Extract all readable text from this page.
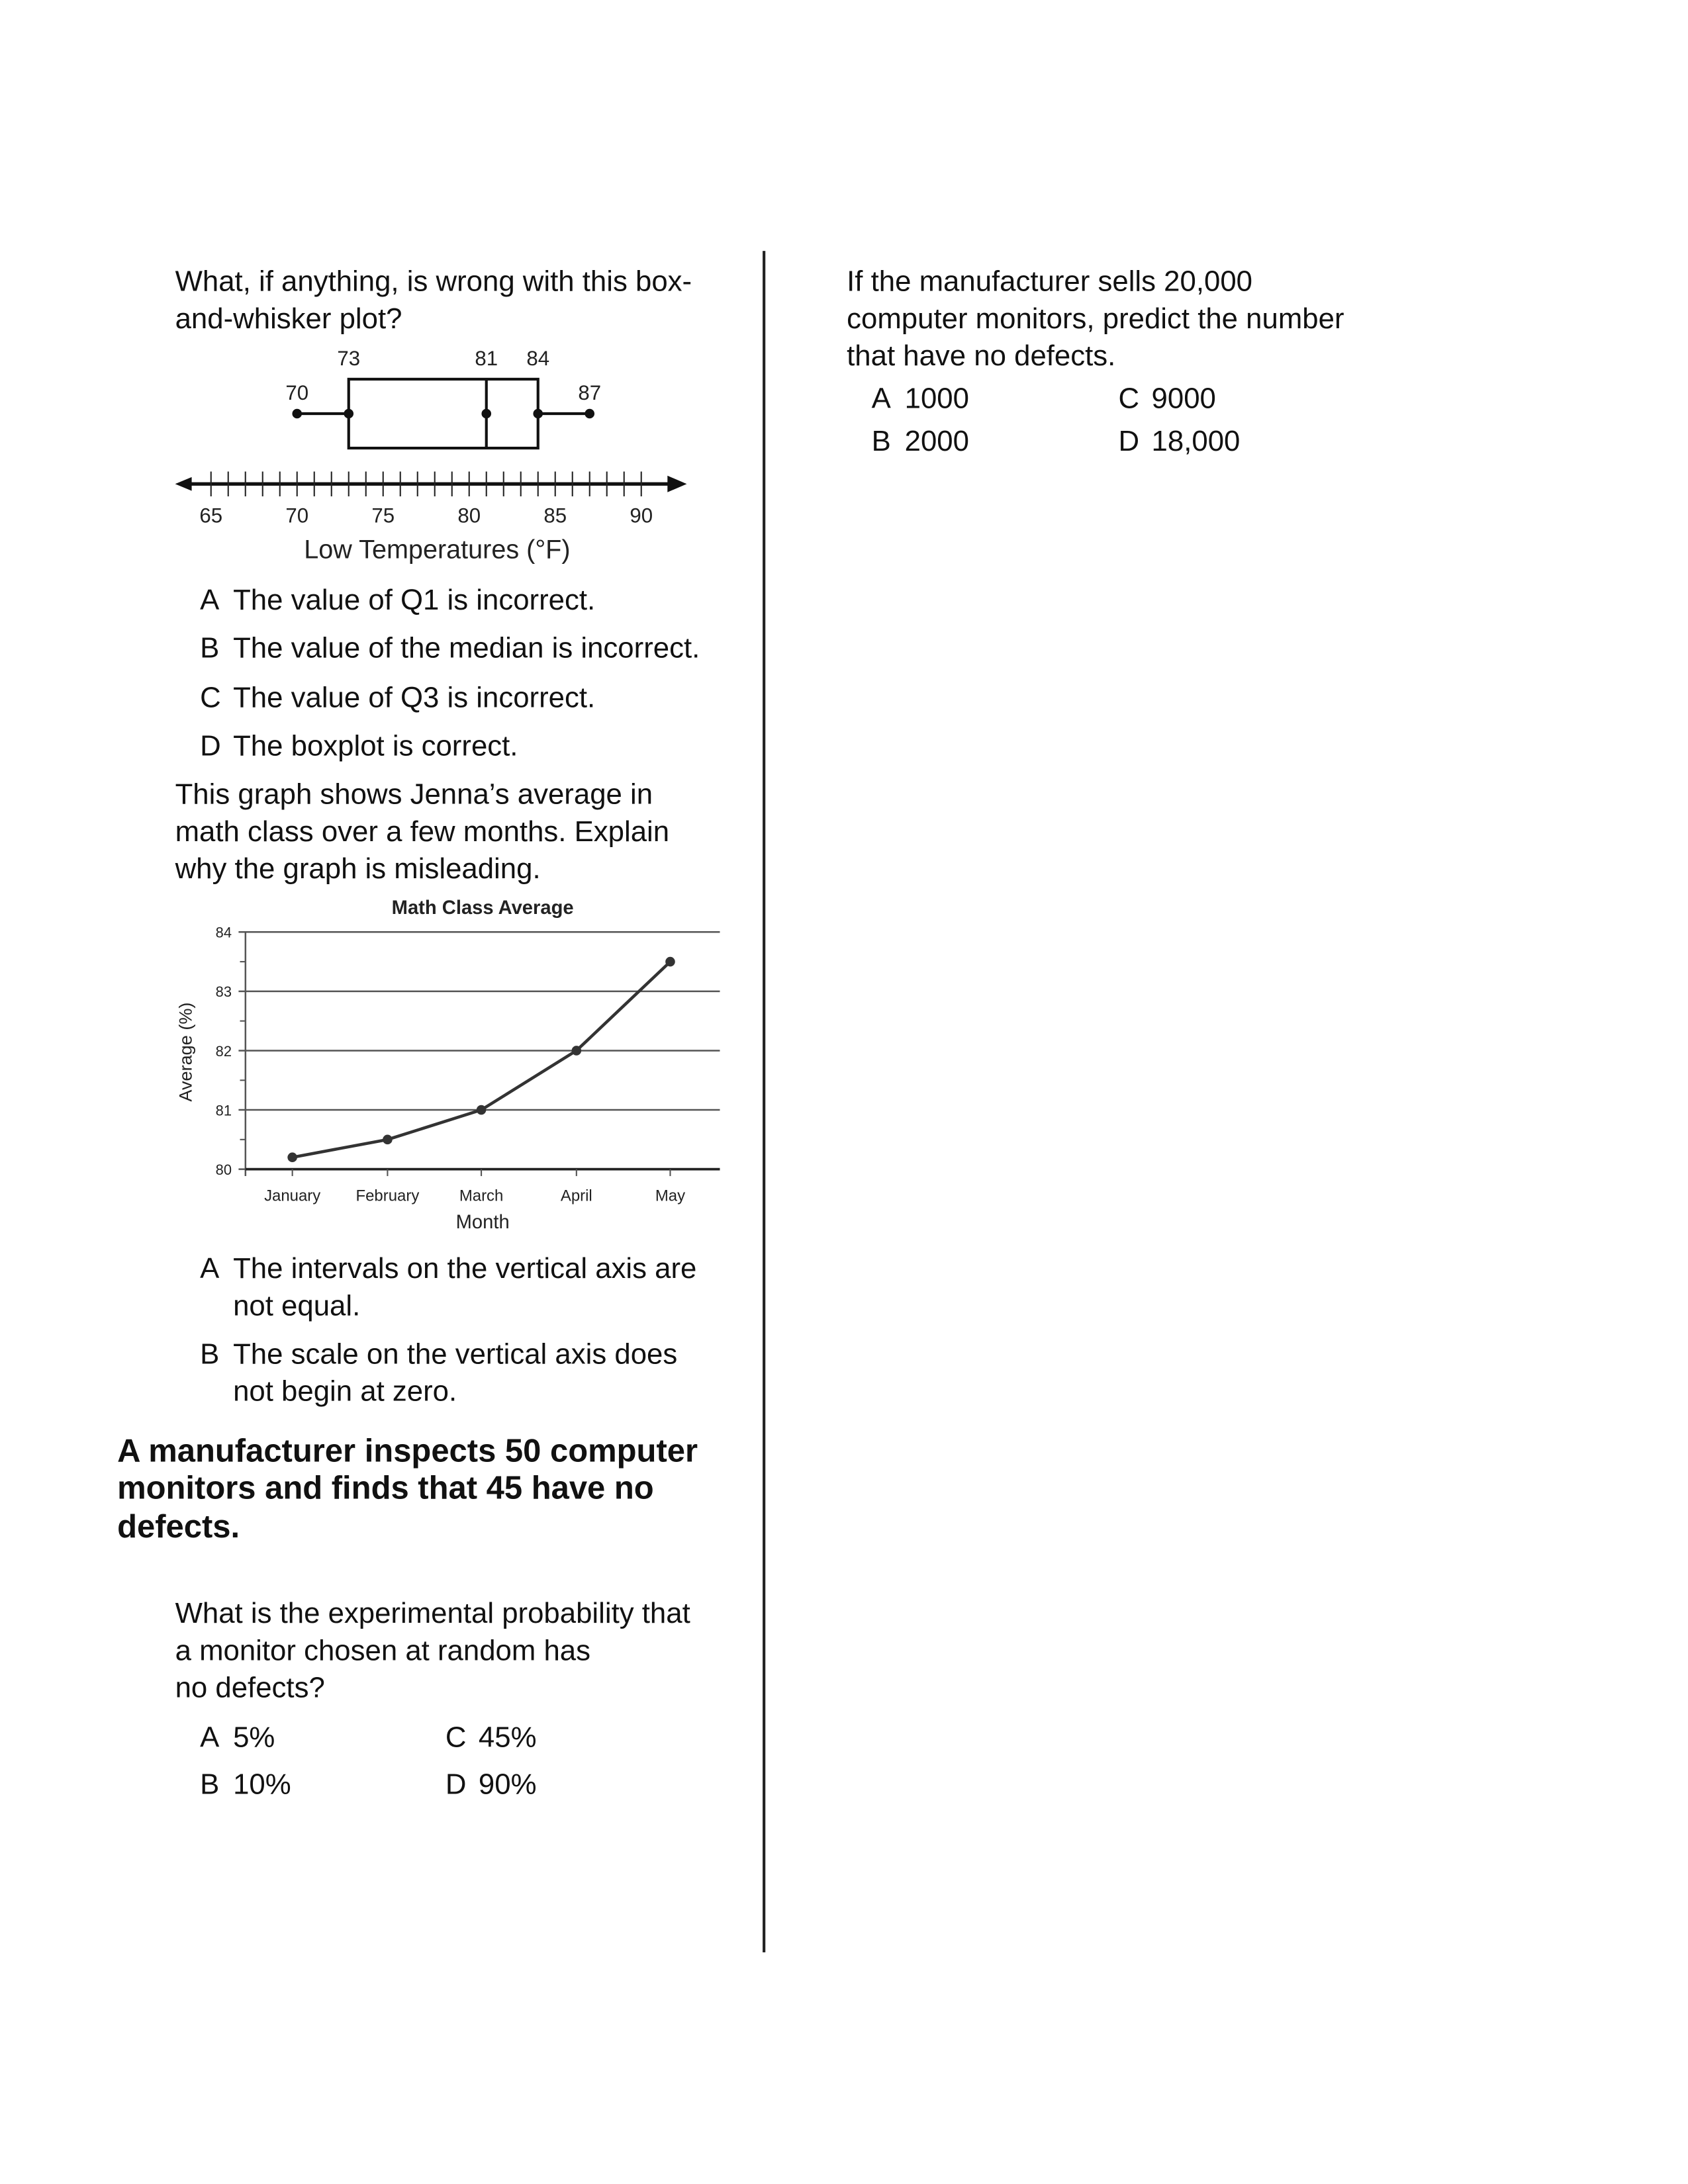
What, if anything, is wrong with this box-
and-whisker plot?
65	70	75	80	85	90
Low Temperatures (°F)
70
73	81	84
87
A The value of Q1 is incorrect.
B The value of the median is incorrect.
C The value of Q3 is incorrect.
D The boxplot is correct.
This graph shows Jenna’s average in
math class over a few months. Explain
why the graph is misleading.
Math Class Average
80
81
82
83
84
January	February	March	April	May
Month
Average (%)
A The intervals on the vertical axis are
not equal.
B The scale on the vertical axis does
not begin at zero.
A manufacturer inspects 50 computer
monitors and finds that 45 have no
defects.
What is the experimental probability that
a monitor chosen at random has
no defects?
A 5%
B 10%
C 45%
D 90%
If the manufacturer sells 20,000
computer monitors, predict the number
that have no defects.
A 1000
B 2000
C 9000
D 18,000
